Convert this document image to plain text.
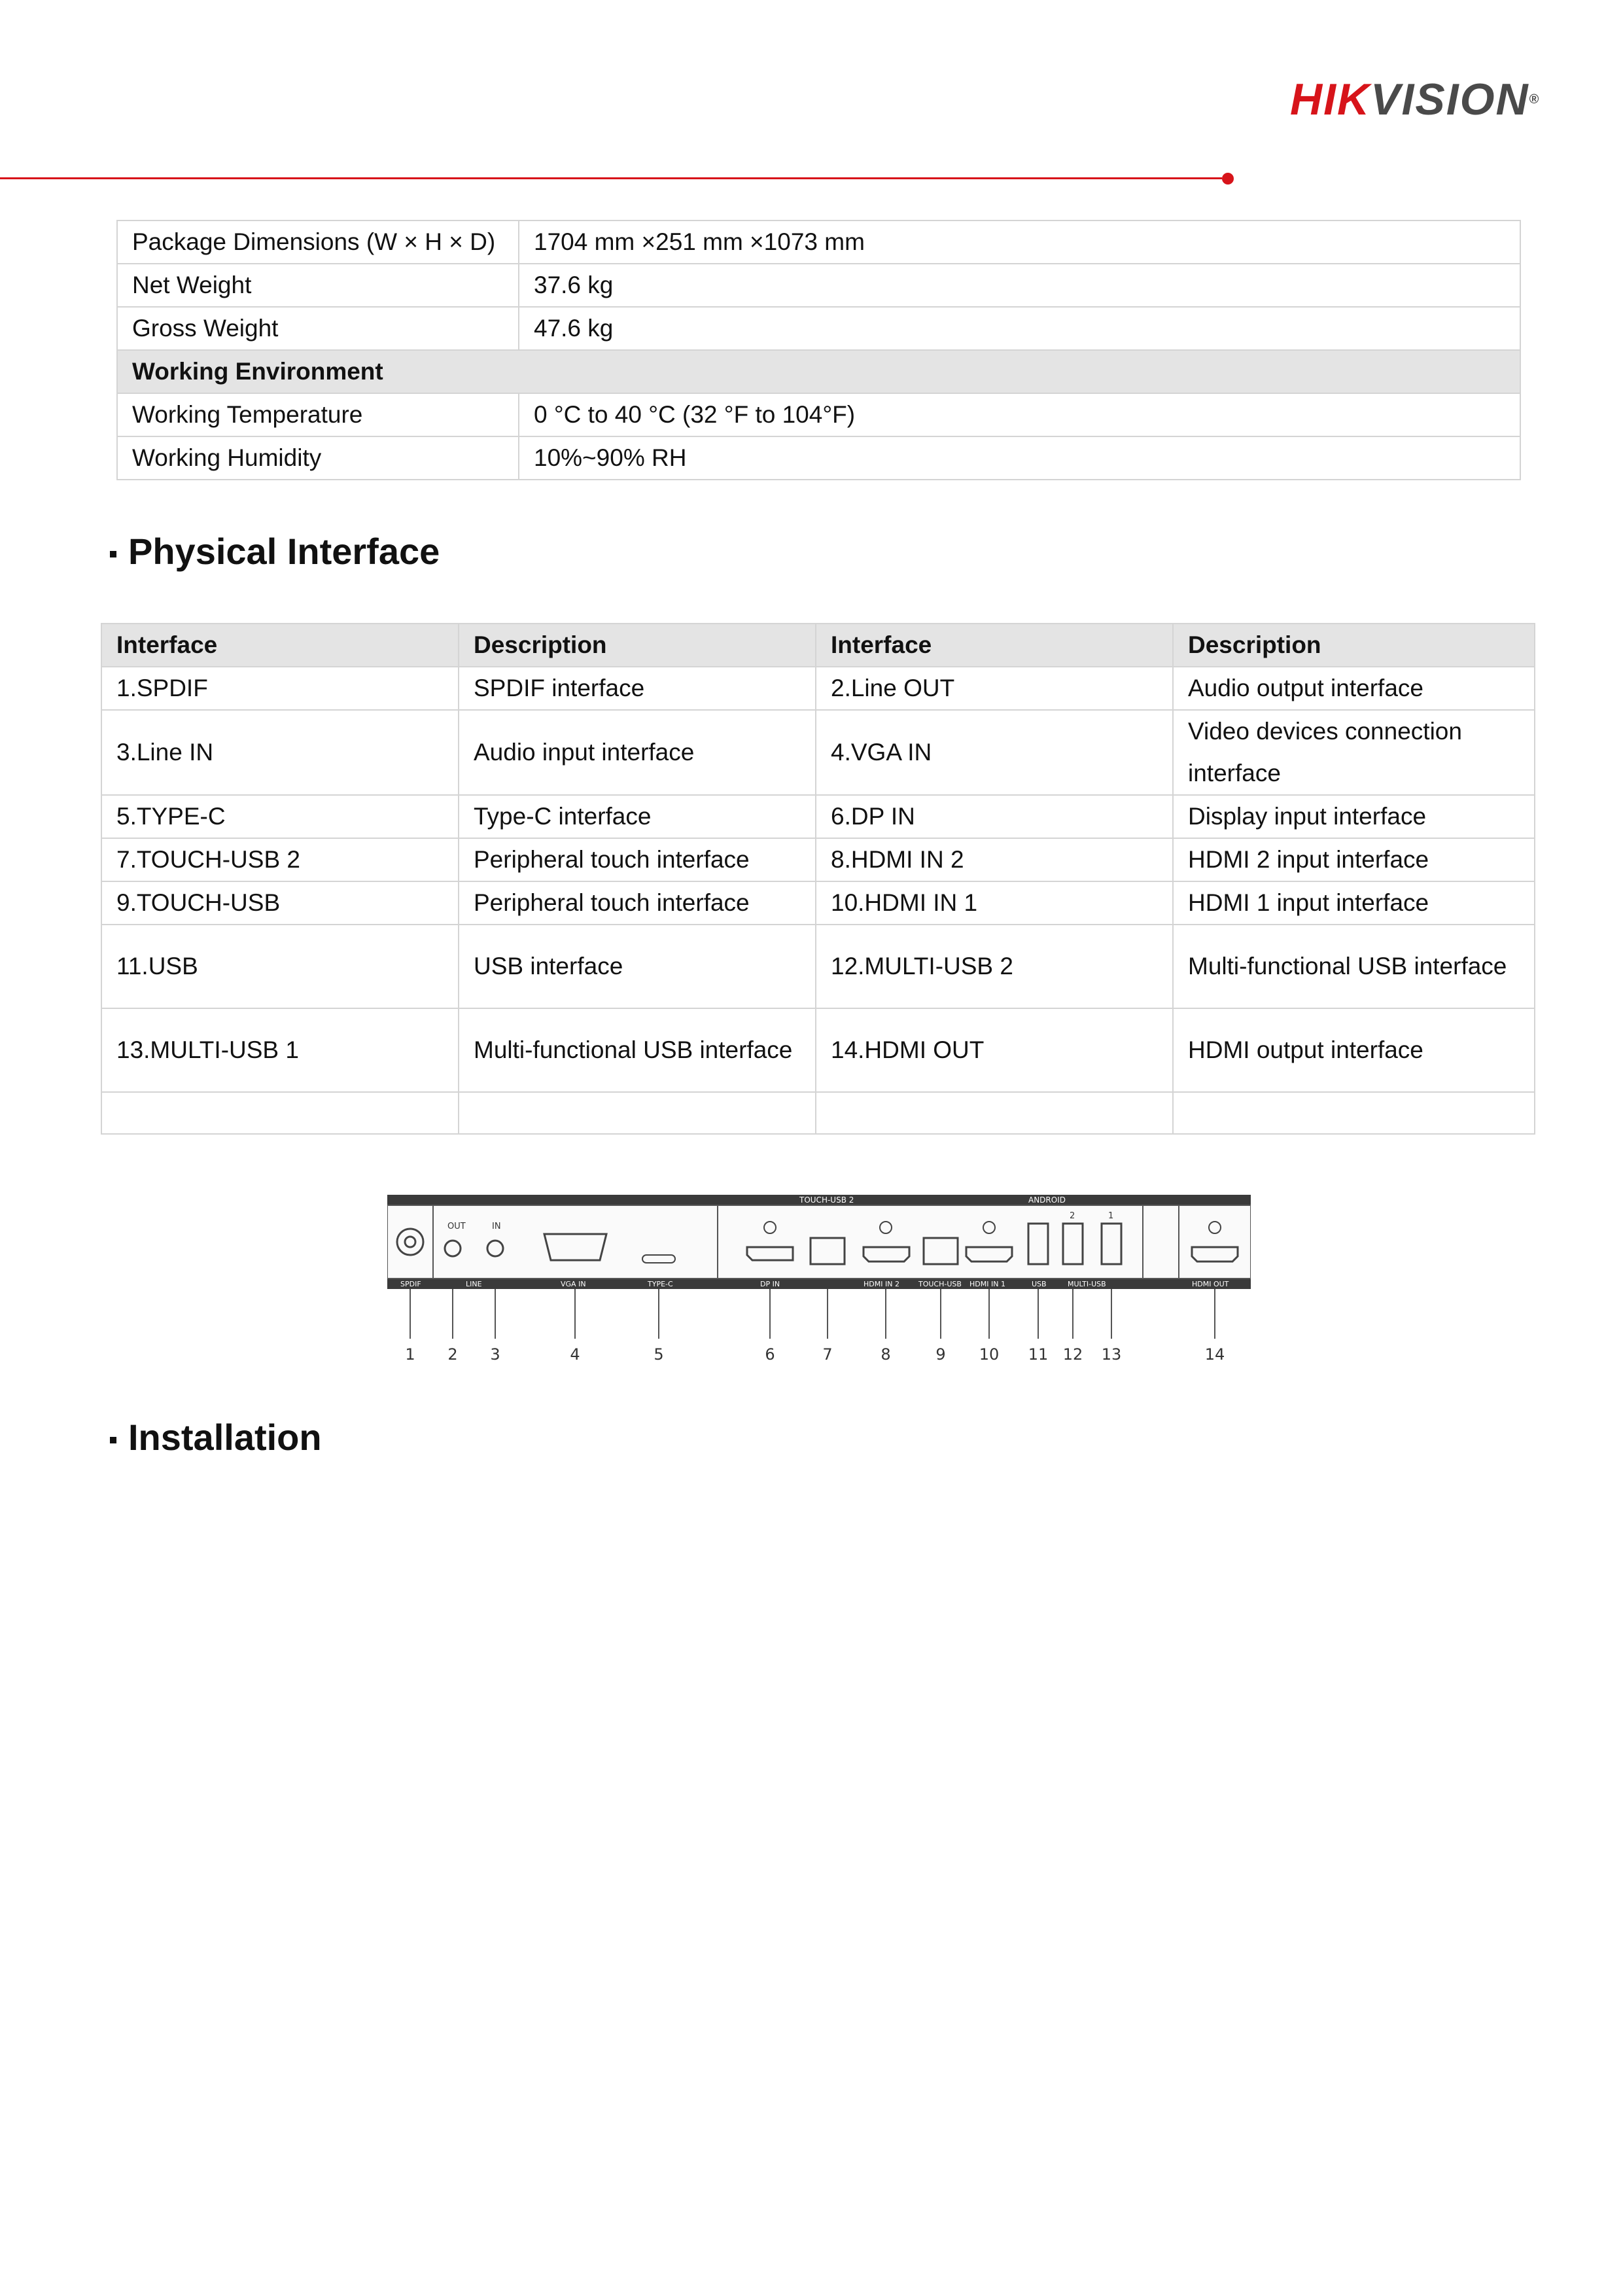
HIKVISION®
Package Dimensions (W × H × D)	1704 mm ×251 mm ×1073 mm
Net Weight	37.6 kg
Gross Weight	47.6 kg
Working Environment	
Working Temperature	0 °C to 40 °C (32 °F to 104°F)
Working Humidity	10%~90% RH
Physical Interface
Interface	Description	Interface	Description
1.SPDIF	SPDIF interface	2.Line OUT	Audio output interface
3.Line IN	Audio input interface	4.VGA IN	Video devices connection interface
5.TYPE-C	Type-C interface	6.DP IN	Display input interface
7.TOUCH-USB 2	Peripheral touch interface	8.HDMI IN 2	HDMI 2 input interface
9.TOUCH-USB	Peripheral touch interface	10.HDMI IN 1	HDMI 1 input interface
11.USB	USB interface	12.MULTI-USB 2	Multi-functional USB interface
13.MULTI-USB 1	Multi-functional USB interface	14.HDMI OUT	HDMI output interface

OUT	IN
2	1
TOUCH-USB 2	ANDROID
SPDIF	LINE	VGA IN	TYPE-C	DP IN	HDMI IN 2	TOUCH-USB HDMI IN 1	USB	MULTI-USB	HDMI OUT
1 2 3	4	5	6	7	8	9 10 11 12 13	14
Installation
